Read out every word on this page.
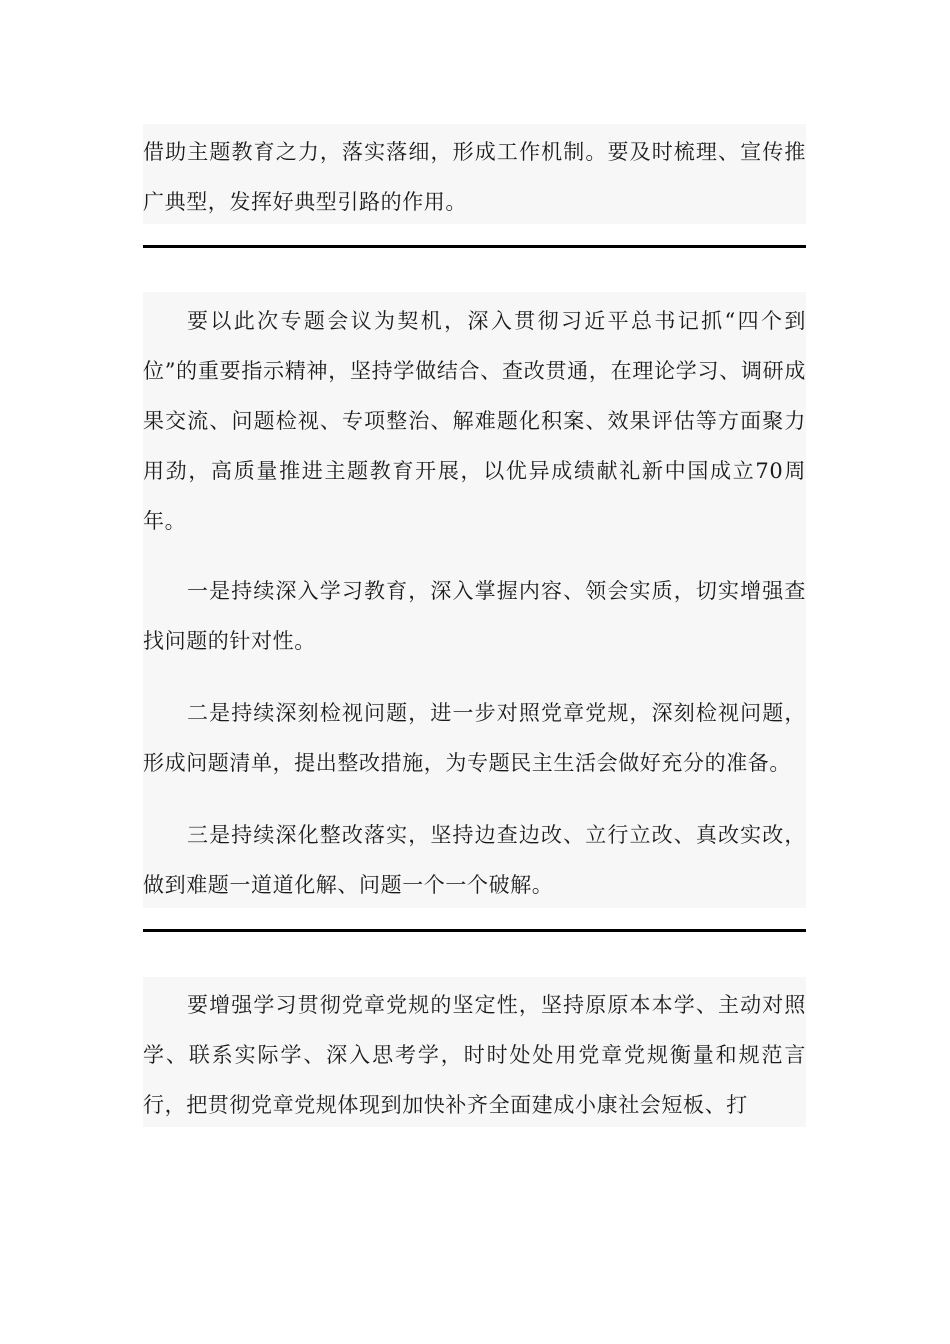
借助主题教育之力，落实落细，形成工作机制。要及时梳理、宣传推广典型，发挥好典型引路的作用。

要以此次专题会议为契机，深入贯彻习近平总书记抓“四个到位”的重要指示精神，坚持学做结合、查改贯通，在理论学习、调研成果交流、问题检视、专项整治、解难题化积案、效果评估等方面聚力用劲，高质量推进主题教育开展，以优异成绩献礼新中国成立70周年。

一是持续深入学习教育，深入掌握内容、领会实质，切实增强查找问题的针对性。

二是持续深刻检视问题，进一步对照党章党规，深刻检视问题，形成问题清单，提出整改措施，为专题民主生活会做好充分的准备。

三是持续深化整改落实，坚持边查边改、立行立改、真改实改，做到难题一道道化解、问题一个一个破解。

要增强学习贯彻党章党规的坚定性，坚持原原本本学、主动对照学、联系实际学、深入思考学，时时处处用党章党规衡量和规范言行，把贯彻党章党规体现到加快补齐全面建成小康社会短板、打
